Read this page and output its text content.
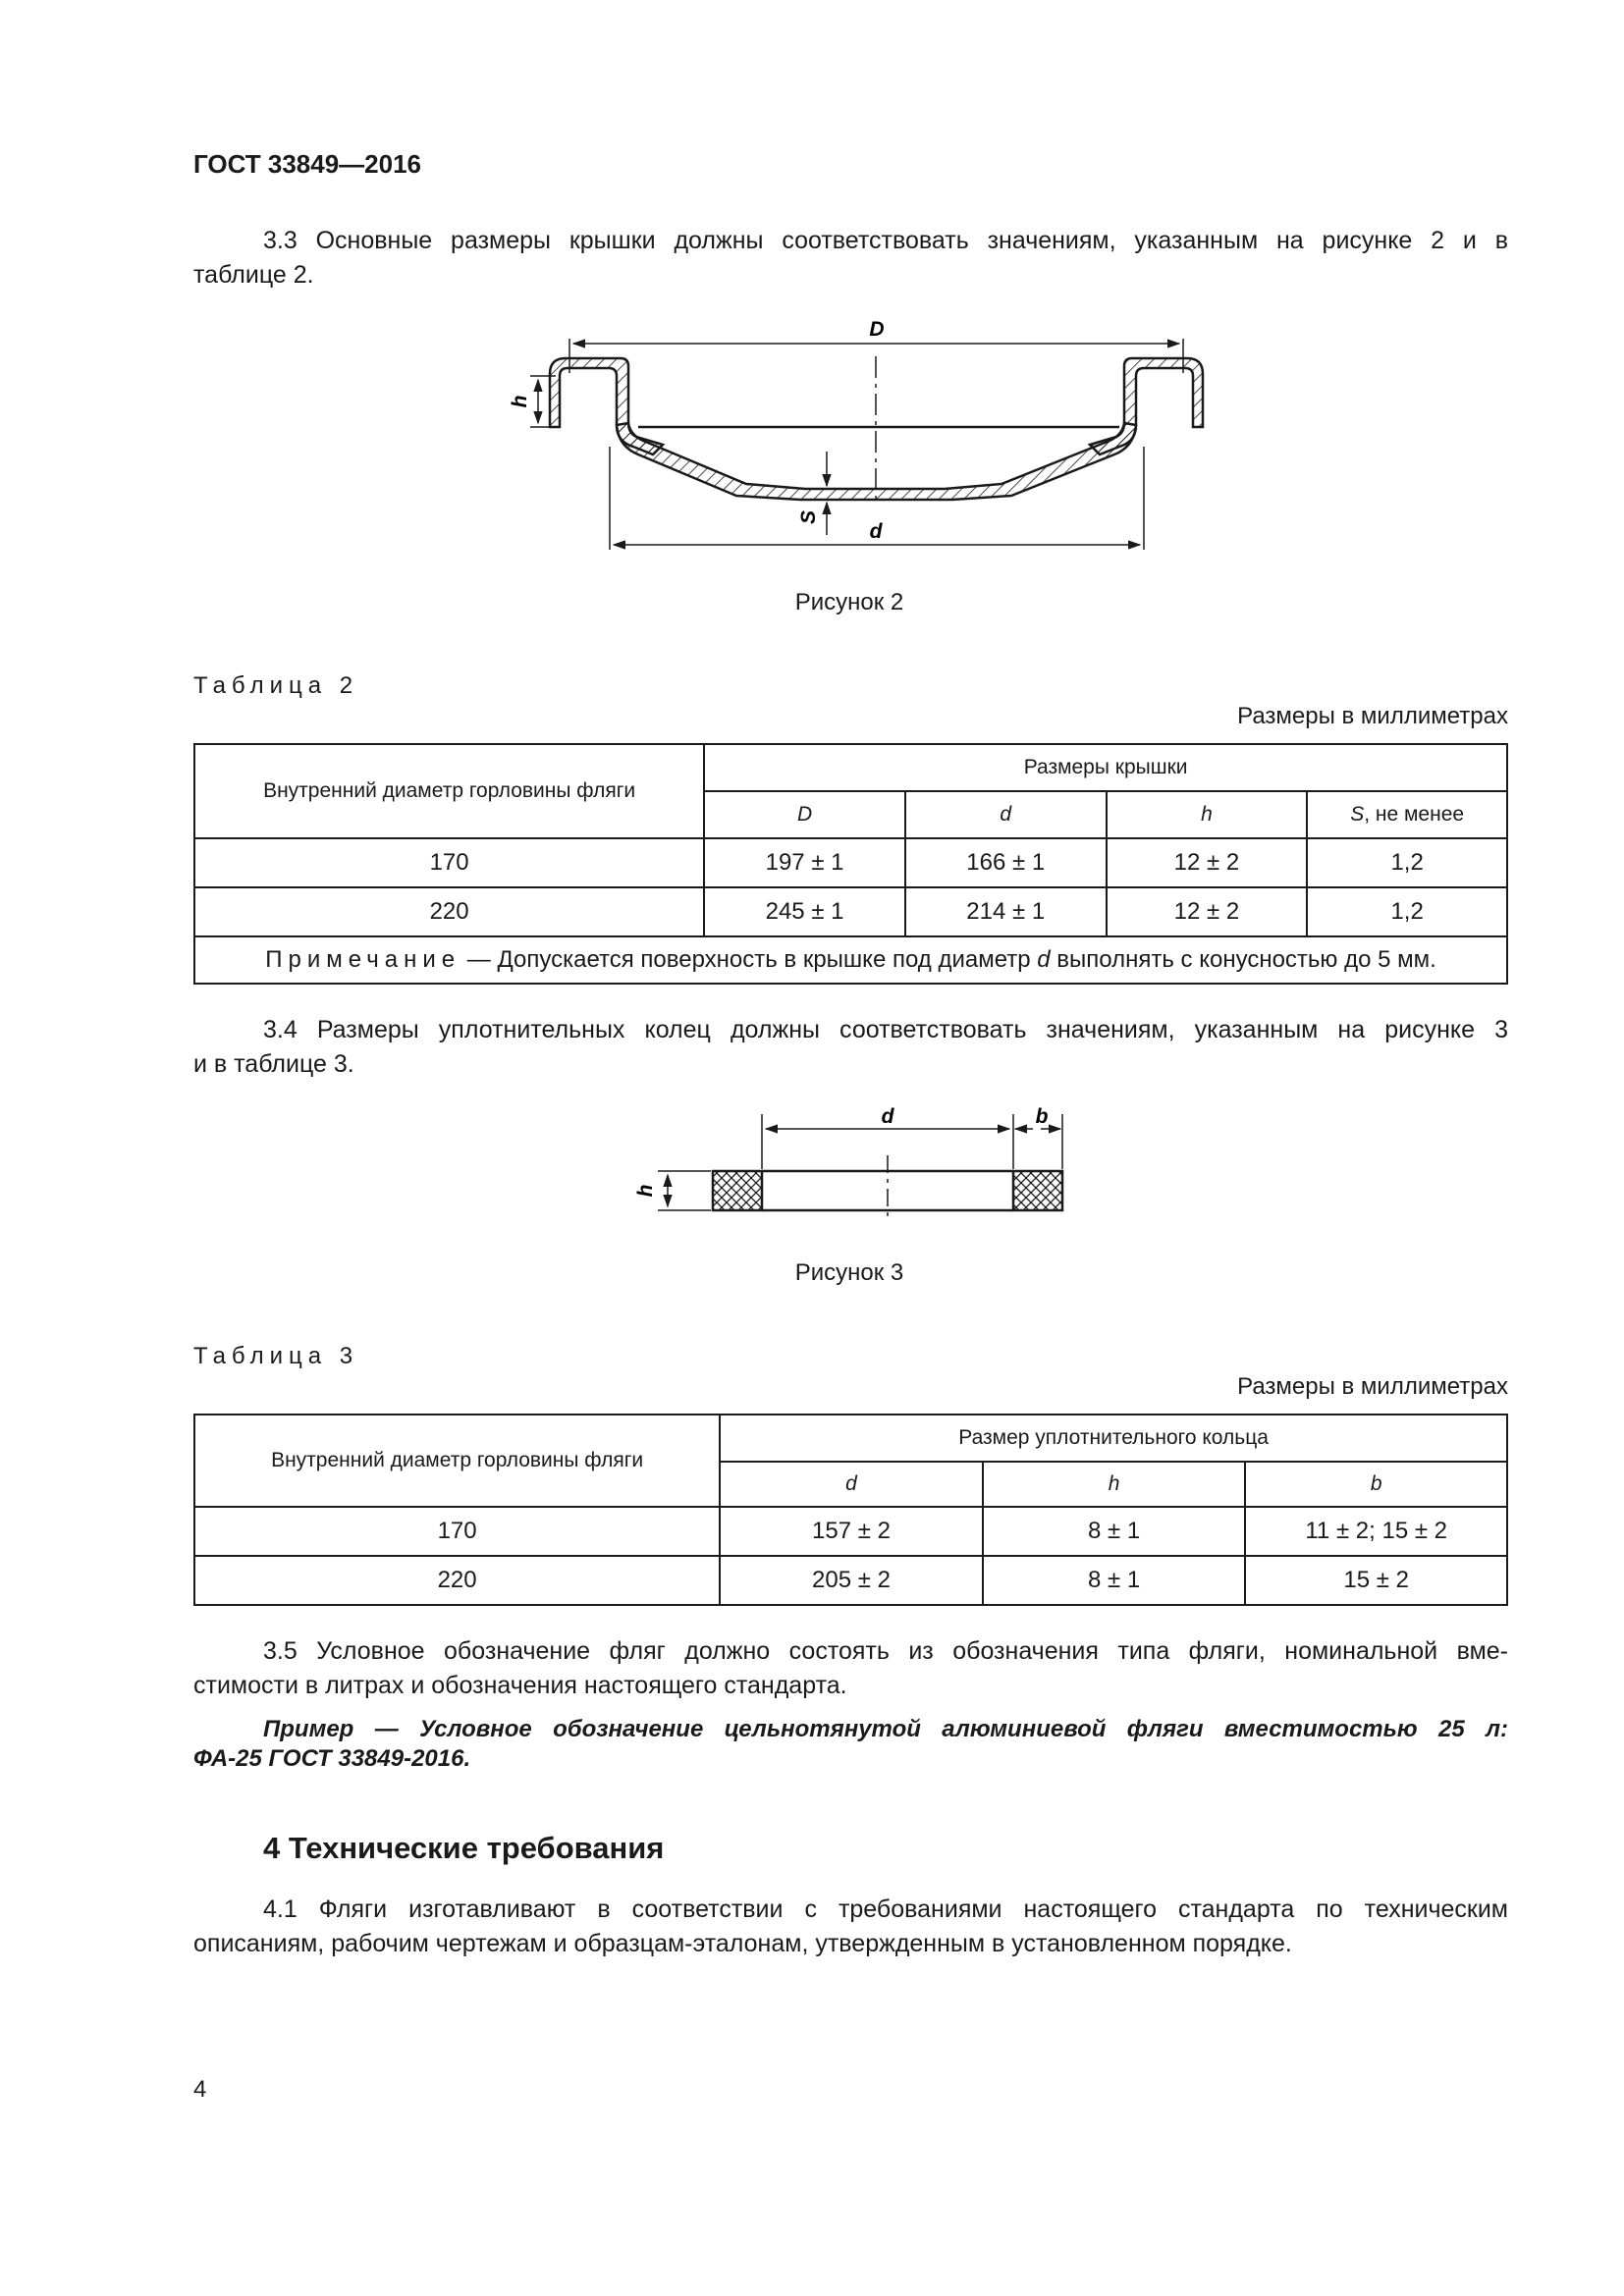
ГОСТ 33849—2016
3.3 Основные размеры крышки должны соответствовать значениям, указанным на рисунке 2 и в
таблице 2.
D
h
S
d
Рисунок 2
Таблица 2
Размеры в миллиметрах
Внутренний диаметр горловины фляги	Размеры крышки			
	D	d	h	S, не менее
170	197 ± 1	166 ± 1	12 ± 2	1,2
220	245 ± 1	214 ± 1	12 ± 2	1,2
Примечание — Допускается поверхность в крышке под диаметр d выполнять с конусностью до 5 мм.				
3.4 Размеры уплотнительных колец должны соответствовать значениям, указанным на рисунке 3
и в таблице 3.
d	b
h
Рисунок 3
Таблица 3
Размеры в миллиметрах
Внутренний диаметр горловины фляги	Размер уплотнительного кольца		
	d	h	b
170	157 ± 2	8 ± 1	11 ± 2; 15 ± 2
220	205 ± 2	8 ± 1	15 ± 2
3.5 Условное обозначение фляг должно состоять из обозначения типа фляги, номинальной вме-
стимости в литрах и обозначения настоящего стандарта.
Пример — Условное обозначение цельнотянутой алюминиевой фляги вместимостью 25 л:
ФА-25 ГОСТ 33849-2016.
4 Технические требования
4.1 Фляги изготавливают в соответствии с требованиями настоящего стандарта по техническим
описаниям, рабочим чертежам и образцам-эталонам, утвержденным в установленном порядке.
4
